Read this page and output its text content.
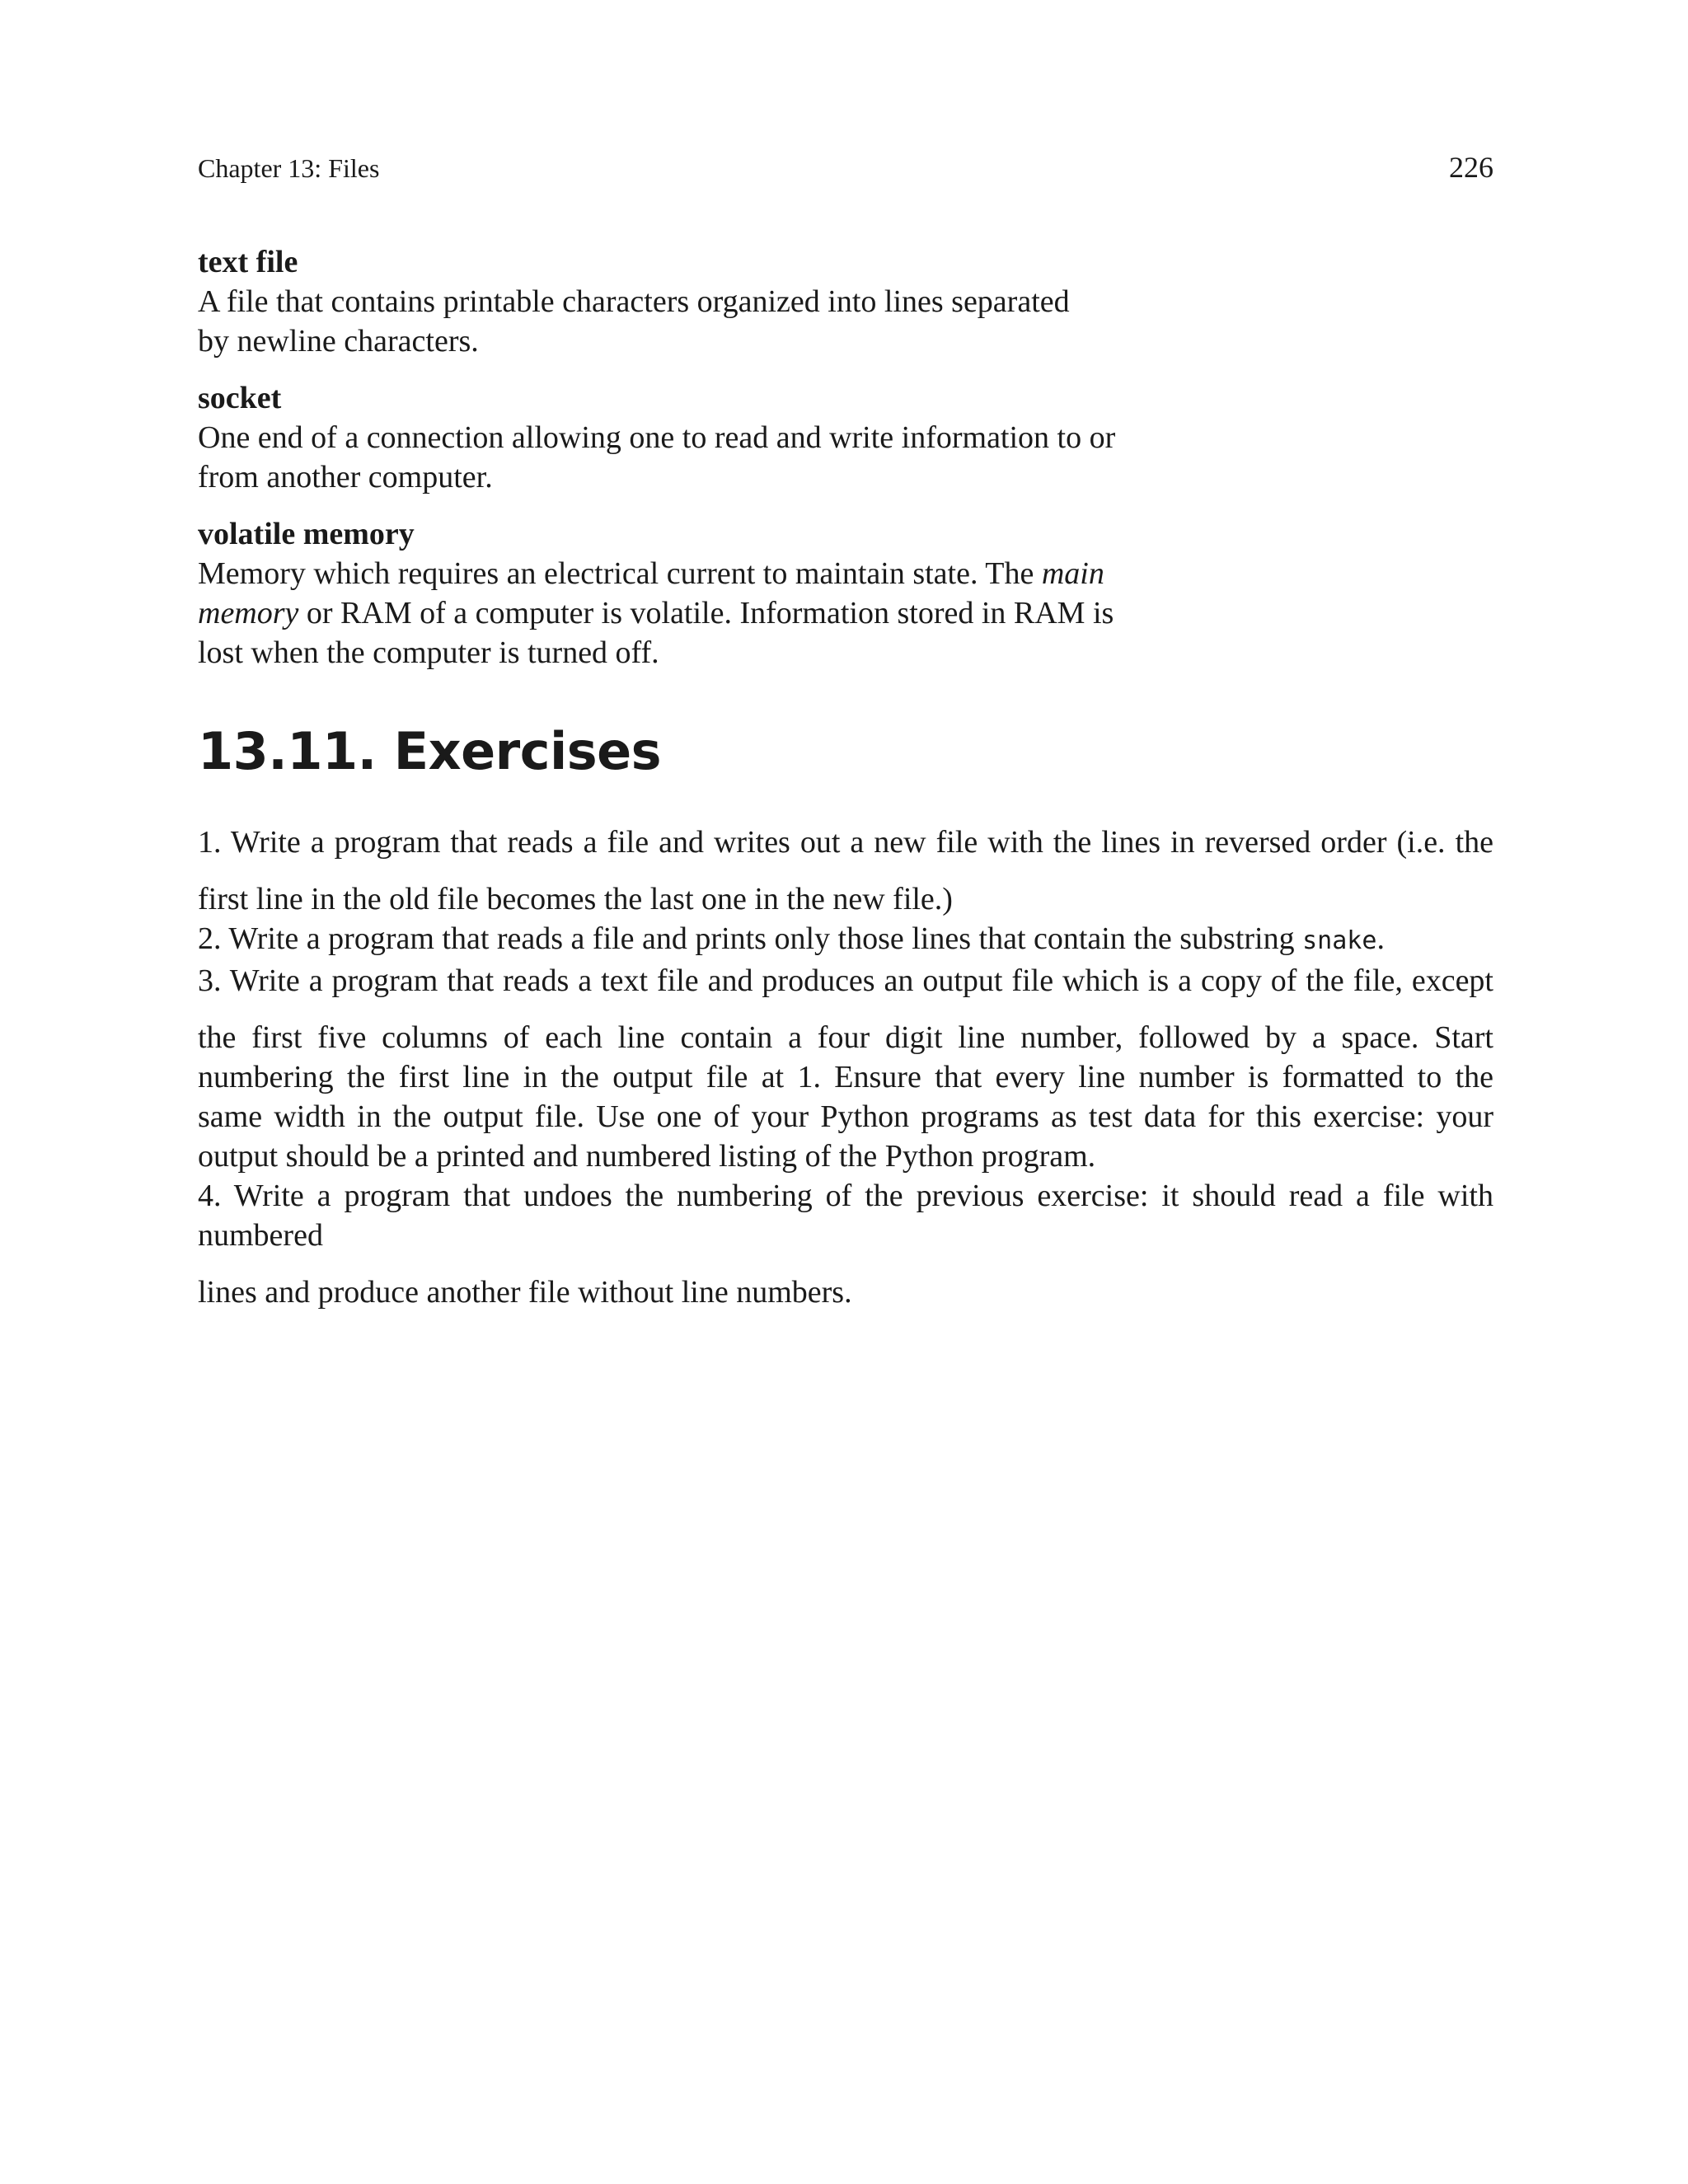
Chapter 13: Files	226
text file
A file that contains printable characters organized into lines separated
by newline characters.
socket
One end of a connection allowing one to read and write information to or
from another computer.
volatile memory
Memory which requires an electrical current to maintain state. The main
memory or RAM of a computer is volatile. Information stored in RAM is
lost when the computer is turned off.
13.11. Exercises
1. Write a program that reads a file and writes out a new file with the lines in reversed order (i.e. the
first line in the old file becomes the last one in the new file.)
2. Write a program that reads a file and prints only those lines that contain the substring snake.
3. Write a program that reads a text file and produces an output file which is a copy of the file, except
the first five columns of each line contain a four digit line number, followed by a space. Start
numbering the first line in the output file at 1. Ensure that every line number is formatted to the
same width in the output file. Use one of your Python programs as test data for this exercise: your
output should be a printed and numbered listing of the Python program.
4. Write a program that undoes the numbering of the previous exercise: it should read a file with
numbered
lines and produce another file without line numbers.
